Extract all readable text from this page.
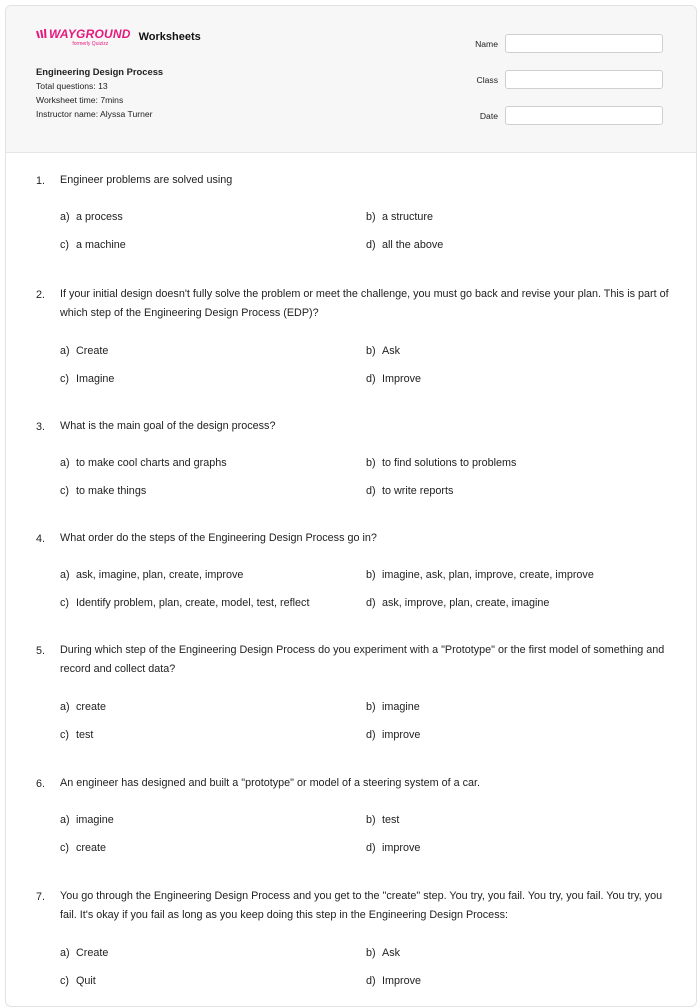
WAYGROUND
formerly Quizizz
Worksheets
Engineering Design Process
Total questions: 13
Worksheet time: 7mins
Instructor name: Alyssa Turner
Name
Class
Date
1. Engineer problems are solved using
a) a process	b) a structure
c) a machine	d) all the above
2. If your initial design doesn't fully solve the problem or meet the challenge, you must go back and revise your plan. This is part of which step of the Engineering Design Process (EDP)?
a) Create	b) Ask
c) Imagine	d) Improve
3. What is the main goal of the design process?
a) to make cool charts and graphs	b) to find solutions to problems
c) to make things	d) to write reports
4. What order do the steps of the Engineering Design Process go in?
a) ask, imagine, plan, create, improve	b) imagine, ask, plan, improve, create, improve
c) Identify problem, plan, create, model, test, reflect	d) ask, improve, plan, create, imagine
5. During which step of the Engineering Design Process do you experiment with a "Prototype" or the first model of something and record and collect data?
a) create	b) imagine
c) test	d) improve
6. An engineer has designed and built a "prototype" or model of a steering system of a car.
a) imagine	b) test
c) create	d) improve
7. You go through the Engineering Design Process and you get to the "create" step. You try, you fail. You try, you fail. You try, you fail. It's okay if you fail as long as you keep doing this step in the Engineering Design Process:
a) Create	b) Ask
c) Quit	d) Improve
